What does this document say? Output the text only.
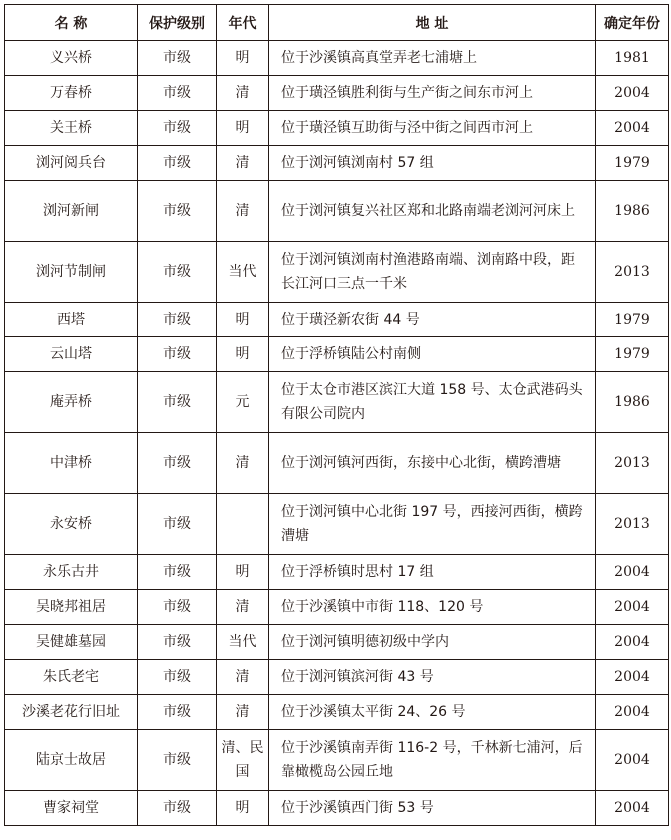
名 称	保护级别	年代	地 址	确定年份
义兴桥	市级	明	位于沙溪镇高真堂弄老七浦塘上	1981
万春桥	市级	清	位于璜泾镇胜利街与生产街之间东市河上	2004
关王桥	市级	明	位于璜泾镇互助街与泾中街之间西市河上	2004
浏河阅兵台	市级	清	位于浏河镇浏南村 57 组	1979
浏河新闸	市级	清	位于浏河镇复兴社区郑和北路南端老浏河河床上	1986
浏河节制闸	市级	当代	位于浏河镇浏南村渔港路南端、浏南路中段，距长江河口三点一千米	2013
西塔	市级	明	位于璜泾新农街 44 号	1979
云山塔	市级	明	位于浮桥镇陆公村南侧	1979
庵弄桥	市级	元	位于太仓市港区滨江大道 158 号、太仓武港码头有限公司院内	1986
中津桥	市级	清	位于浏河镇河西街，东接中心北街，横跨漕塘	2013
永安桥	市级		位于浏河镇中心北街 197 号，西接河西街，横跨漕塘	2013
永乐古井	市级	明	位于浮桥镇时思村 17 组	2004
吴晓邦祖居	市级	清	位于沙溪镇中市街 118、120 号	2004
吴健雄墓园	市级	当代	位于浏河镇明德初级中学内	2004
朱氏老宅	市级	清	位于浏河镇滨河街 43 号	2004
沙溪老花行旧址	市级	清	位于沙溪镇太平街 24、26 号	2004
陆京士故居	市级	清、民国	位于沙溪镇南弄街 116-2 号，千林新七浦河，后靠橄榄岛公园丘地	2004
曹家祠堂	市级	明	位于沙溪镇西门街 53 号	2004
